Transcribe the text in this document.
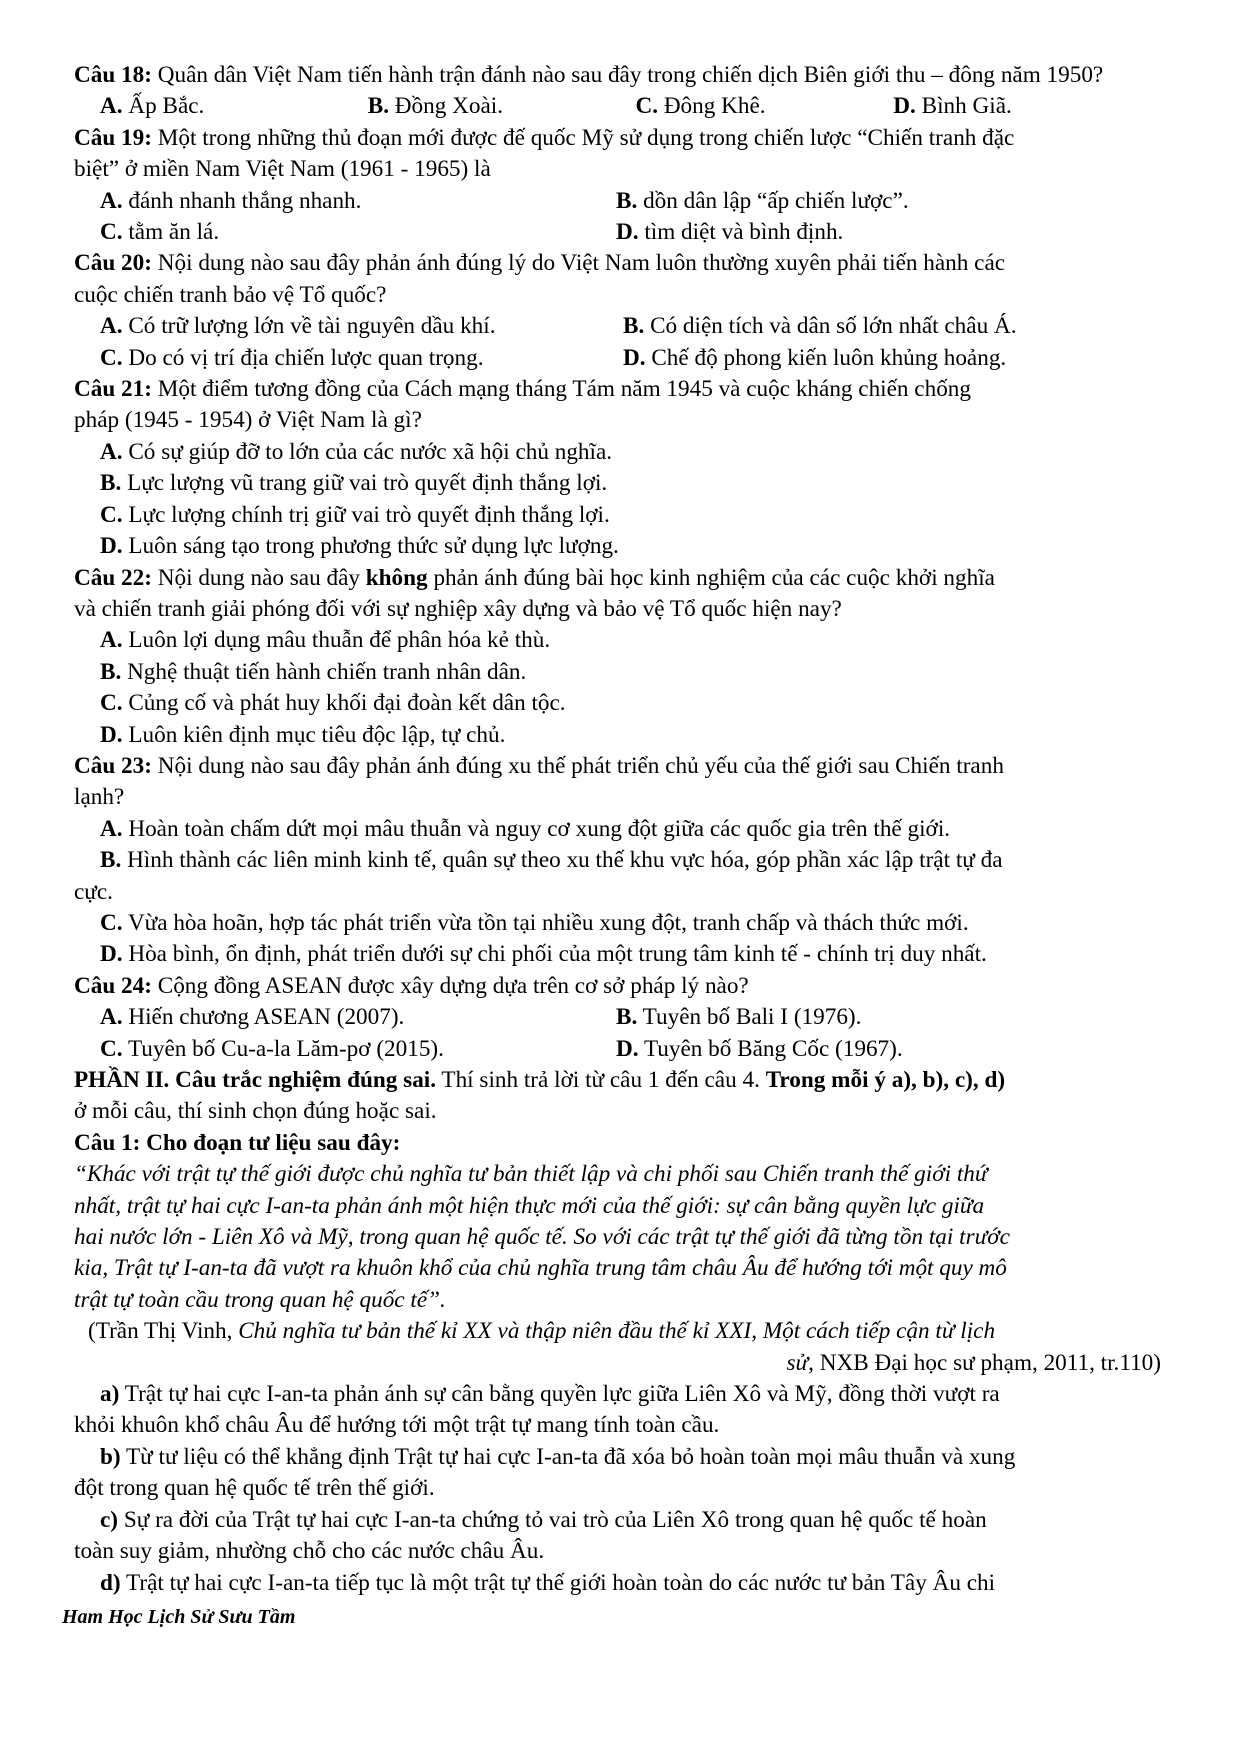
Câu 18: Quân dân Việt Nam tiến hành trận đánh nào sau đây trong chiến dịch Biên giới thu – đông năm 1950?

A. Ấp Bắc.	B. Đồng Xoài.	C. Đông Khê.	D. Bình Giã.

Câu 19: Một trong những thủ đoạn mới được đế quốc Mỹ sử dụng trong chiến lược “Chiến tranh đặc
biệt” ở miền Nam Việt Nam (1961 - 1965) là

A. đánh nhanh thắng nhanh.	B. dồn dân lập “ấp chiến lược”.
C. tằm ăn lá.	D. tìm diệt và bình định.

Câu 20: Nội dung nào sau đây phản ánh đúng lý do Việt Nam luôn thường xuyên phải tiến hành các
cuộc chiến tranh bảo vệ Tổ quốc?

A. Có trữ lượng lớn về tài nguyên dầu khí.	B. Có diện tích và dân số lớn nhất châu Á.
C. Do có vị trí địa chiến lược quan trọng.	D. Chế độ phong kiến luôn khủng hoảng.

Câu 21: Một điểm tương đồng của Cách mạng tháng Tám năm 1945 và cuộc kháng chiến chống
pháp (1945 - 1954) ở Việt Nam là gì?

A. Có sự giúp đỡ to lớn của các nước xã hội chủ nghĩa.
B. Lực lượng vũ trang giữ vai trò quyết định thắng lợi.
C. Lực lượng chính trị giữ vai trò quyết định thắng lợi.
D. Luôn sáng tạo trong phương thức sử dụng lực lượng.

Câu 22: Nội dung nào sau đây không phản ánh đúng bài học kinh nghiệm của các cuộc khởi nghĩa
và chiến tranh giải phóng đối với sự nghiệp xây dựng và bảo vệ Tổ quốc hiện nay?

A. Luôn lợi dụng mâu thuẫn để phân hóa kẻ thù.
B. Nghệ thuật tiến hành chiến tranh nhân dân.
C. Củng cố và phát huy khối đại đoàn kết dân tộc.
D. Luôn kiên định mục tiêu độc lập, tự chủ.

Câu 23: Nội dung nào sau đây phản ánh đúng xu thế phát triển chủ yếu của thế giới sau Chiến tranh
lạnh?

A. Hoàn toàn chấm dứt mọi mâu thuẫn và nguy cơ xung đột giữa các quốc gia trên thế giới.
B. Hình thành các liên minh kinh tế, quân sự theo xu thế khu vực hóa, góp phần xác lập trật tự đa
cực.
C. Vừa hòa hoãn, hợp tác phát triển vừa tồn tại nhiều xung đột, tranh chấp và thách thức mới.
D. Hòa bình, ổn định, phát triển dưới sự chi phối của một trung tâm kinh tế - chính trị duy nhất.

Câu 24: Cộng đồng ASEAN được xây dựng dựa trên cơ sở pháp lý nào?

A. Hiến chương ASEAN (2007).	B. Tuyên bố Bali I (1976).
C. Tuyên bố Cu-a-la Lăm-pơ (2015).	D. Tuyên bố Băng Cốc (1967).

PHẦN II. Câu trắc nghiệm đúng sai. Thí sinh trả lời từ câu 1 đến câu 4. Trong mỗi ý a), b), c), d)
ở mỗi câu, thí sinh chọn đúng hoặc sai.

Câu 1: Cho đoạn tư liệu sau đây:

“Khác với trật tự thế giới được chủ nghĩa tư bản thiết lập và chi phối sau Chiến tranh thế giới thứ
nhất, trật tự hai cực I-an-ta phản ánh một hiện thực mới của thế giới: sự cân bằng quyền lực giữa
hai nước lớn - Liên Xô và Mỹ, trong quan hệ quốc tế. So với các trật tự thế giới đã từng tồn tại trước
kia, Trật tự I-an-ta đã vượt ra khuôn khổ của chủ nghĩa trung tâm châu Âu để hướng tới một quy mô
trật tự toàn cầu trong quan hệ quốc tế”.
(Trần Thị Vinh, Chủ nghĩa tư bản thế kỉ XX và thập niên đầu thế kỉ XXI, Một cách tiếp cận từ lịch
sử, NXB Đại học sư phạm, 2011, tr.110)
a) Trật tự hai cực I-an-ta phản ánh sự cân bằng quyền lực giữa Liên Xô và Mỹ, đồng thời vượt ra
khỏi khuôn khổ châu Âu để hướng tới một trật tự mang tính toàn cầu.
b) Từ tư liệu có thể khẳng định Trật tự hai cực I-an-ta đã xóa bỏ hoàn toàn mọi mâu thuẫn và xung
đột trong quan hệ quốc tế trên thế giới.
c) Sự ra đời của Trật tự hai cực I-an-ta chứng tỏ vai trò của Liên Xô trong quan hệ quốc tế hoàn
toàn suy giảm, nhường chỗ cho các nước châu Âu.
d) Trật tự hai cực I-an-ta tiếp tục là một trật tự thế giới hoàn toàn do các nước tư bản Tây Âu chi
Ham Học Lịch Sử Sưu Tầm
